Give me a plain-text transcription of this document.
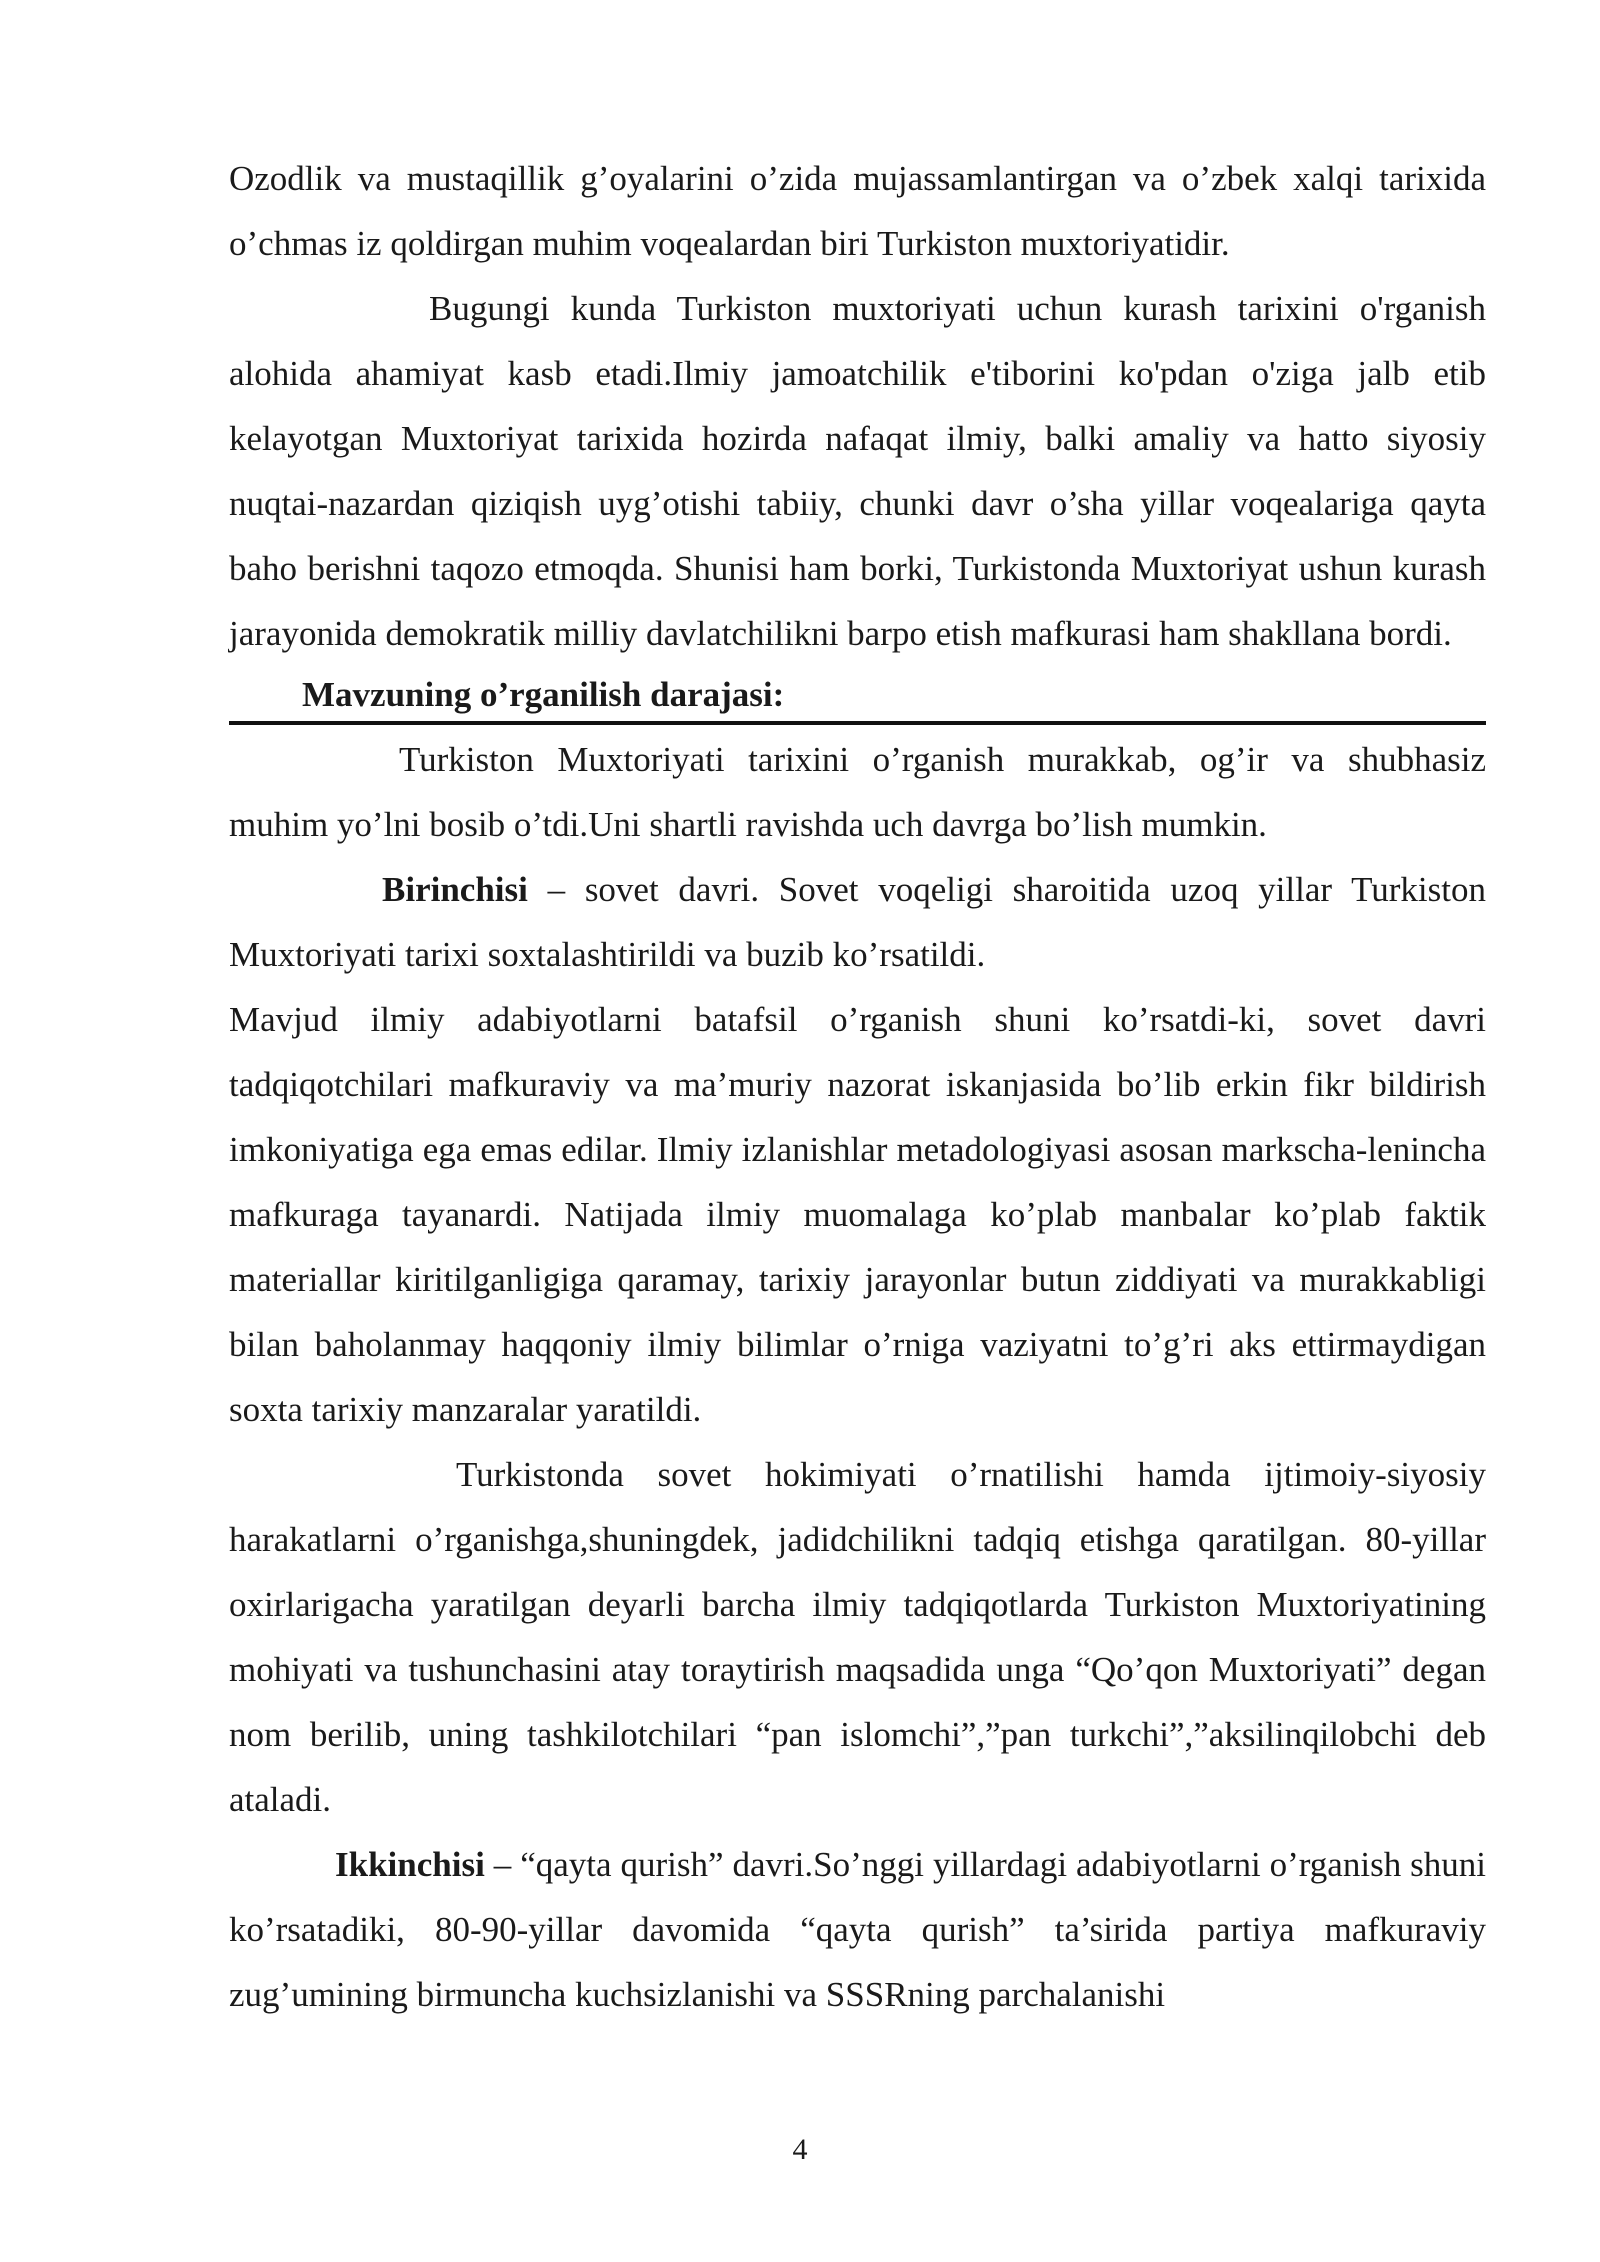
Ozodlik va mustaqillik g’oyalarini o’zida mujassamlantirgan va o’zbek xalqi tarixida o’chmas iz qoldirgan muhim voqealardan biri Turkiston muxtoriyatidir.

Bugungi kunda Turkiston muxtoriyati uchun kurash tarixini o'rganish alohida ahamiyat kasb etadi.Ilmiy jamoatchilik e'tiborini ko'pdan o'ziga jalb etib kelayotgan Muxtoriyat tarixida hozirda nafaqat ilmiy, balki amaliy va hatto siyosiy nuqtai-nazardan qiziqish uyg’otishi tabiiy, chunki davr o’sha yillar voqealariga qayta baho berishni taqozo etmoqda. Shunisi ham borki, Turkistonda Muxtoriyat ushun kurash jarayonida demokratik milliy davlatchilikni barpo etish mafkurasi ham shakllana bordi.

Mavzuning o’rganilish darajasi:

Turkiston Muxtoriyati tarixini o’rganish murakkab, og’ir va shubhasiz muhim yo’lni bosib o’tdi.Uni shartli ravishda uch davrga bo’lish mumkin.

Birinchisi – sovet davri. Sovet voqeligi sharoitida uzoq yillar Turkiston Muxtoriyati tarixi soxtalashtirildi va buzib ko’rsatildi.

Mavjud ilmiy adabiyotlarni batafsil o’rganish shuni ko’rsatdi-ki, sovet davri tadqiqotchilari mafkuraviy va ma’muriy nazorat iskanjasida bo’lib erkin fikr bildirish imkoniyatiga ega emas edilar. Ilmiy izlanishlar metadologiyasi asosan markscha-lenincha mafkuraga tayanardi. Natijada ilmiy muomalaga ko’plab manbalar ko’plab faktik materiallar kiritilganligiga qaramay, tarixiy jarayonlar butun ziddiyati va murakkabligi bilan baholanmay haqqoniy ilmiy bilimlar o’rniga vaziyatni to’g’ri aks ettirmaydigan soxta tarixiy manzaralar yaratildi.

Turkistonda sovet hokimiyati o’rnatilishi hamda ijtimoiy-siyosiy harakatlarni o’rganishga,shuningdek, jadidchilikni tadqiq etishga qaratilgan. 80-yillar oxirlarigacha yaratilgan deyarli barcha ilmiy tadqiqotlarda Turkiston Muxtoriyatining mohiyati va tushunchasini atay toraytirish maqsadida unga “Qo’qon Muxtoriyati” degan nom berilib, uning tashkilotchilari “pan islomchi”,”pan turkchi”,”aksilinqilobchi deb ataladi.

Ikkinchisi – “qayta qurish” davri.So’nggi yillardagi adabiyotlarni o’rganish shuni ko’rsatadiki, 80-90-yillar davomida “qayta qurish” ta’sirida partiya mafkuraviy zug’umining birmuncha kuchsizlanishi va SSSRning parchalanishi

4
